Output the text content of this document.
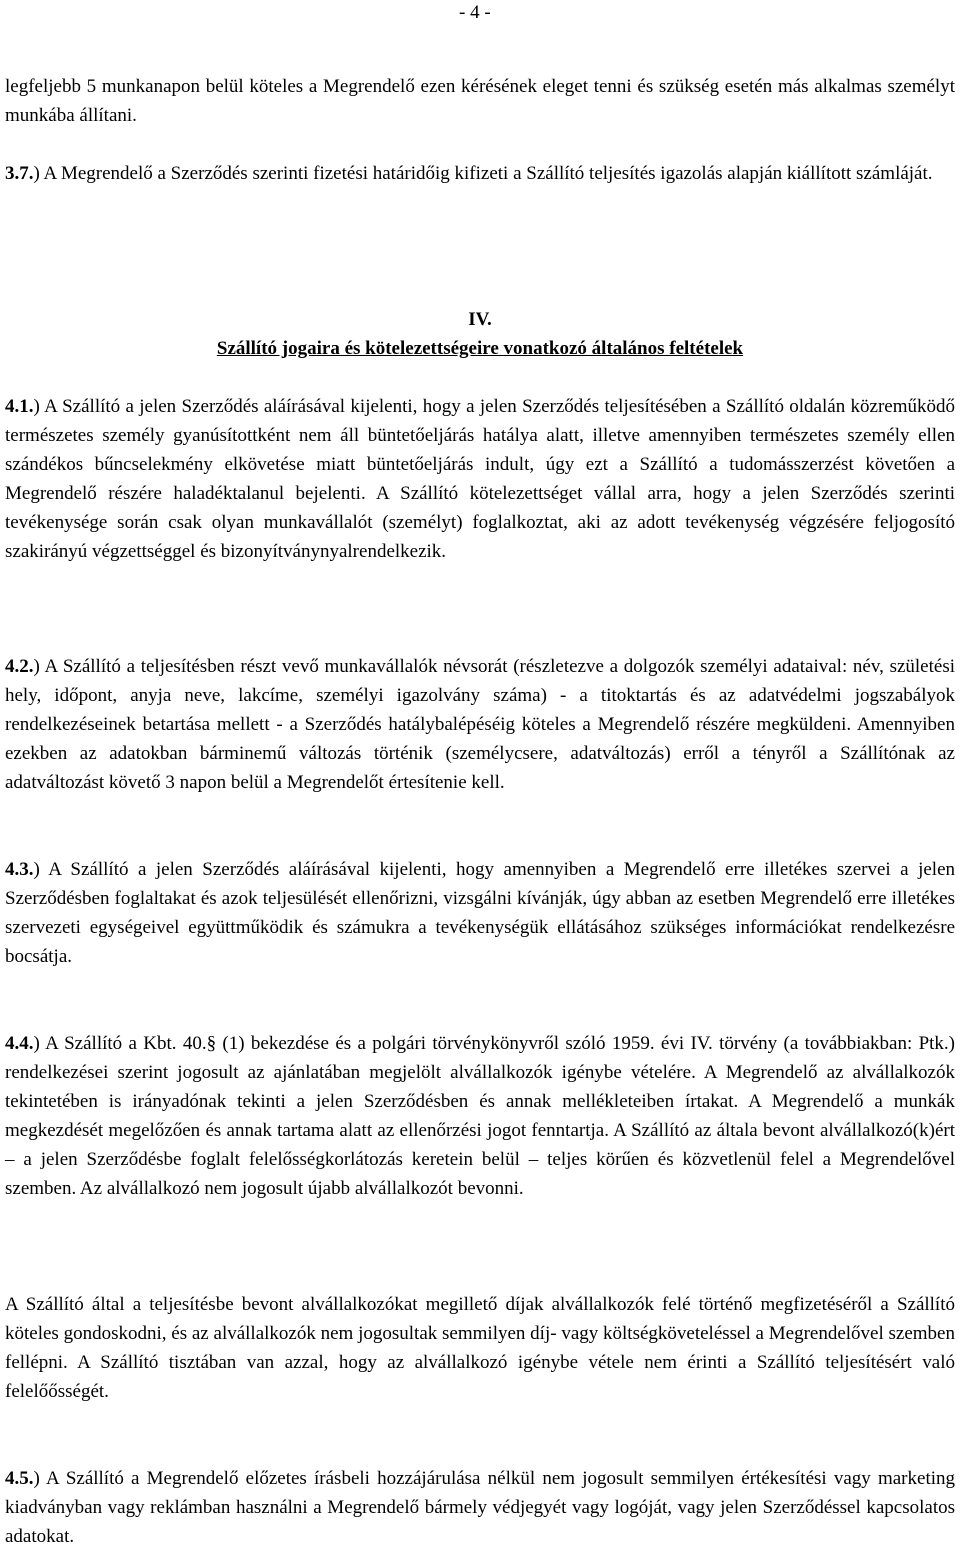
- 4 -

legfeljebb 5 munkanapon belül köteles a Megrendelő ezen kérésének eleget tenni és szükség esetén más alkalmas személyt munkába állítani.

3.7.) A Megrendelő a Szerződés szerinti fizetési határidőig kifizeti a Szállító teljesítés igazolás alapján kiállított számláját.

IV.
Szállító jogaira és kötelezettségeire vonatkozó általános feltételek

4.1.) A Szállító a jelen Szerződés aláírásával kijelenti, hogy a jelen Szerződés teljesítésében a Szállító oldalán közreműködő természetes személy gyanúsítottként nem áll büntetőeljárás hatálya alatt, illetve amennyiben természetes személy ellen szándékos bűncselekmény elkövetése miatt büntetőeljárás indult, úgy ezt a Szállító a tudomásszerzést követően a Megrendelő részére haladéktalanul bejelenti. A Szállító kötelezettséget vállal arra, hogy a jelen Szerződés szerinti tevékenysége során csak olyan munkavállalót (személyt) foglalkoztat, aki az adott tevékenység végzésére feljogosító szakirányú végzettséggel és bizonyítványnyalrendelkezik.

4.2.) A Szállító a teljesítésben részt vevő munkavállalók névsorát (részletezve a dolgozók személyi adataival: név, születési hely, időpont, anyja neve, lakcíme, személyi igazolvány száma) - a titoktartás és az adatvédelmi jogszabályok rendelkezéseinek betartása mellett - a Szerződés hatálybalépéséig köteles a Megrendelő részére megküldeni. Amennyiben ezekben az adatokban bárminemű változás történik (személycsere, adatváltozás) erről a tényről a Szállítónak az adatváltozást követő 3 napon belül a Megrendelőt értesítenie kell.

4.3.) A Szállító a jelen Szerződés aláírásával kijelenti, hogy amennyiben a Megrendelő erre illetékes szervei a jelen Szerződésben foglaltakat és azok teljesülését ellenőrizni, vizsgálni kívánják, úgy abban az esetben Megrendelő erre illetékes szervezeti egységeivel együttműködik és számukra a tevékenységük ellátásához szükséges információkat rendelkezésre bocsátja.

4.4.) A Szállító a Kbt. 40.§ (1) bekezdése és a polgári törvénykönyvről szóló 1959. évi IV. törvény (a továbbiakban: Ptk.) rendelkezései szerint jogosult az ajánlatában megjelölt alvállalkozók igénybe vételére. A Megrendelő az alvállalkozók tekintetében is irányadónak tekinti a jelen Szerződésben és annak mellékleteiben írtakat. A Megrendelő a munkák megkezdését megelőzően és annak tartama alatt az ellenőrzési jogot fenntartja. A Szállító az általa bevont alvállalkozó(k)ért – a jelen Szerződésbe foglalt felelősségkorlátozás keretein belül – teljes körűen és közvetlenül felel a Megrendelővel szemben. Az alvállalkozó nem jogosult újabb alvállalkozót bevonni.

A Szállító által a teljesítésbe bevont alvállalkozókat megillető díjak alvállalkozók felé történő megfizetéséről a Szállító köteles gondoskodni, és az alvállalkozók nem jogosultak semmilyen díj- vagy költségköveteléssel a Megrendelővel szemben fellépni. A Szállító tisztában van azzal, hogy az alvállalkozó igénybe vétele nem érinti a Szállító teljesítésért való felelőősségét.

4.5.) A Szállító a Megrendelő előzetes írásbeli hozzájárulása nélkül nem jogosult semmilyen értékesítési vagy marketing kiadványban vagy reklámban használni a Megrendelő bármely védjegyét vagy logóját, vagy jelen Szerződéssel kapcsolatos adatokat.
